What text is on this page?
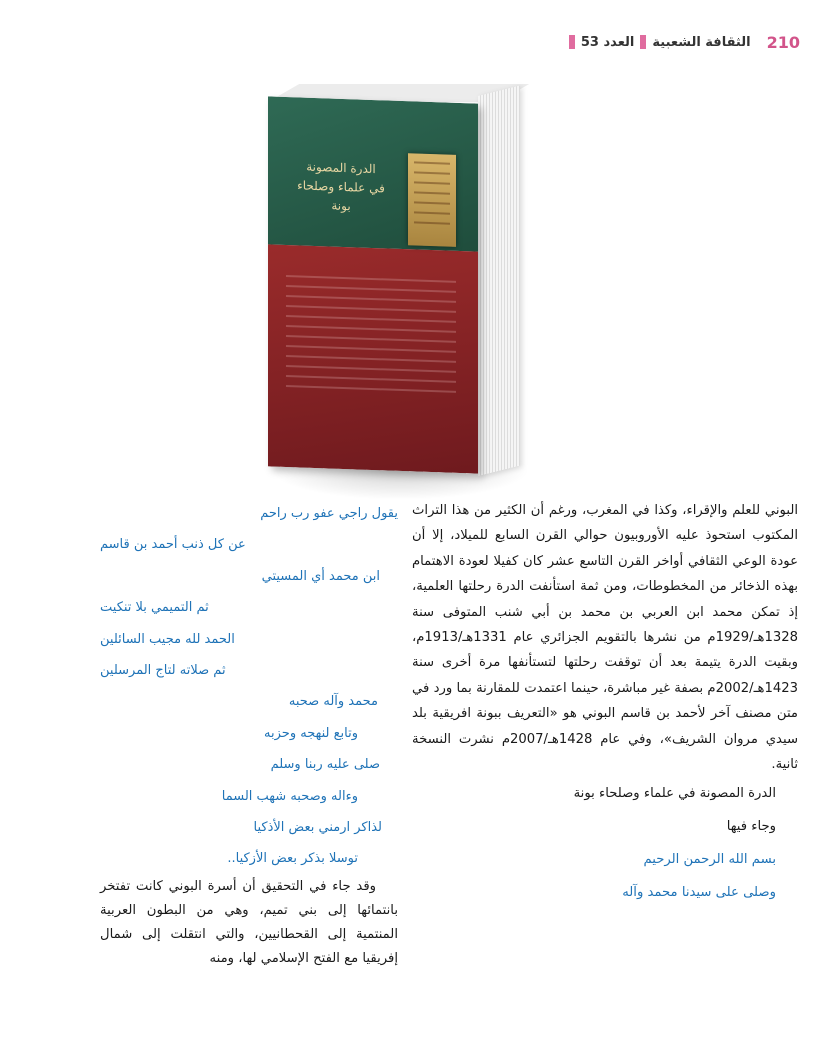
210
الثقافة الشعبية
العدد 53
الدرة المصونة
في علماء وصلحاء بونة

البوني للعلم والإقراء، وكذا في المغرب، ورغم أن الكثير من هذا التراث المكتوب استحوذ عليه الأوروبيون حوالي القرن السابع للميلاد، إلا أن عودة الوعي الثقافي أواخر القرن التاسع عشر كان كفيلا لعودة الاهتمام بهذه الذخائر من المخطوطات، ومن ثمة استأنفت الدرة رحلتها العلمية، إذ تمكن محمد ابن العربي بن محمد بن أبي شنب المتوفى سنة 1328هـ/1929م من نشرها بالتقويم الجزائري عام 1331هـ/1913م، وبقيت الدرة يتيمة بعد أن توقفت رحلتها لتستأنفها مرة أخرى سنة 1423هـ/2002م بصفة غير مباشرة، حينما اعتمدت للمقارنة بما ورد في متن مصنف آخر لأحمد بن قاسم البوني هو «التعريف ببونة افريقية بلد سيدي مروان الشريف»، وفي عام 1428هـ/2007م نشرت النسخة ثانية.

الدرة المصونة في علماء وصلحاء بونة

وجاء فيها

بسم الله الرحمن الرحيم

وصلى على سيدنا محمد وآله

يقول راجي عفو رب راحم
عن كل ذنب أحمد بن قاسم
ابن محمد أي المسيتي
ثم التميمي بلا تنكيت
الحمد لله مجيب السائلين
ثم صلاته لتاج المرسلين
محمد وآله صحبه
وتابع لنهجه وحزبه
صلى عليه ربنا وسلم
وءاله وصحبه شهب السما
لذاكر ارمني بعض الأذكيا
توسلا بذكر بعض الأزكيا..

وقد جاء في التحقيق أن أسرة البوني كانت تفتخر بانتمائها إلى بني تميم، وهي من البطون العربية المنتمية إلى القحطانيين، والتي انتقلت إلى شمال إفريقيا مع الفتح الإسلامي لها، ومنه
